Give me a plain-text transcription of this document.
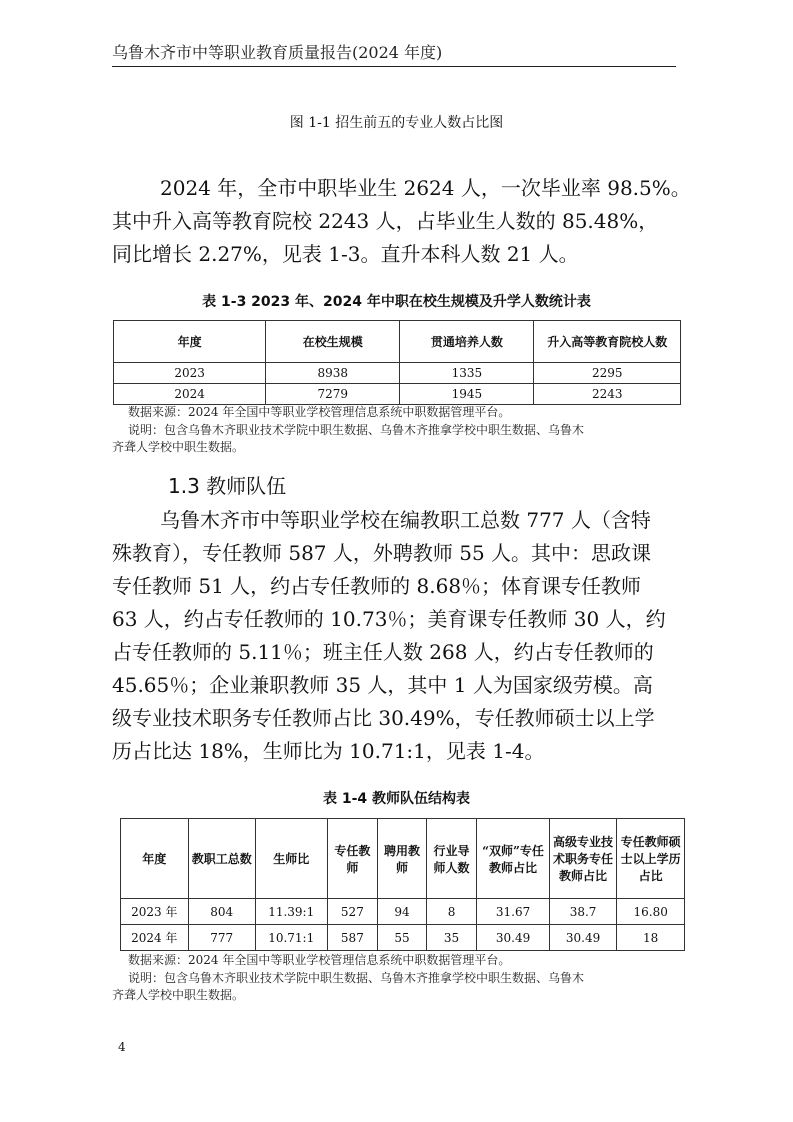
乌鲁木齐市中等职业教育质量报告(2024 年度)
图 1-1 招生前五的专业人数占比图
2024 年，全市中职毕业生 2624 人，一次毕业率 98.5%。
其中升入高等教育院校 2243 人，占毕业生人数的 85.48%，
同比增长 2.27%，见表 1-3。直升本科人数 21 人。
表 1-3 2023 年、2024 年中职在校生规模及升学人数统计表
年度	在校生规模	贯通培养人数	升入高等教育院校人数
2023	8938	1335	2295
2024	7279	1945	2243
数据来源：2024 年全国中等职业学校管理信息系统中职数据管理平台。
说明：包含乌鲁木齐职业技术学院中职生数据、乌鲁木齐推拿学校中职生数据、乌鲁木
齐聋人学校中职生数据。
1.3 教师队伍
乌鲁木齐市中等职业学校在编教职工总数 777 人（含特
殊教育），专任教师 587 人，外聘教师 55 人。其中：思政课
专任教师 51 人，约占专任教师的 8.68％；体育课专任教师
63 人，约占专任教师的 10.73％；美育课专任教师 30 人，约
占专任教师的 5.11％；班主任人数 268 人，约占专任教师的
45.65％；企业兼职教师 35 人，其中 1 人为国家级劳模。高
级专业技术职务专任教师占比 30.49%，专任教师硕士以上学
历占比达 18%，生师比为 10.71:1，见表 1-4。
表 1-4 教师队伍结构表
年度	教职工总数	生师比	专任教师	聘用教师	行业导师人数	“双师”专任教师占比	高级专业技术职务专任教师占比	专任教师硕士以上学历占比
2023 年	804	11.39:1	527	94	8	31.67	38.7	16.80
2024 年	777	10.71:1	587	55	35	30.49	30.49	18
数据来源：2024 年全国中等职业学校管理信息系统中职数据管理平台。
说明：包含乌鲁木齐职业技术学院中职生数据、乌鲁木齐推拿学校中职生数据、乌鲁木
齐聋人学校中职生数据。
4
